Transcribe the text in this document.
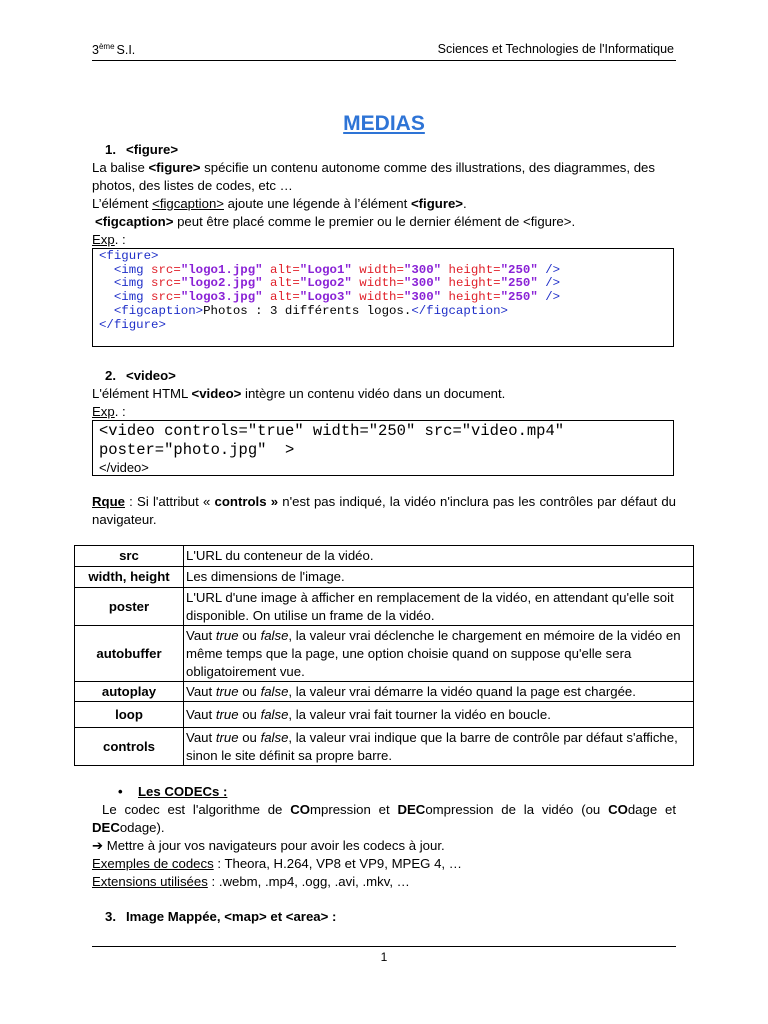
3ème S.I.	Sciences et Technologies de l'Informatique
MEDIAS
1. <figure>
La balise <figure> spécifie un contenu autonome comme des illustrations, des diagrammes, des photos, des listes de codes, etc …
L’élément <figcaption> ajoute une légende à l’élément <figure>.
<figcaption> peut être placé comme le premier ou le dernier élément de <figure>.
Exp. :
<figure>
<img src="logo1.jpg" alt="Logo1" width="300" height="250" />
<img src="logo2.jpg" alt="Logo2" width="300" height="250" />
<img src="logo3.jpg" alt="Logo3" width="300" height="250" />
<figcaption>Photos : 3 différents logos.</figcaption>
</figure>
2. <video>
L'élément HTML <video> intègre un contenu vidéo dans un document.
Exp. :
<video controls="true" width="250" src="video.mp4"
poster="photo.jpg"  >
</video>
Rque : Si l'attribut « controls » n'est pas indiqué, la vidéo n'inclura pas les contrôles par défaut du navigateur.
src	L'URL du conteneur de la vidéo.
width, height	Les dimensions de l'image.
poster	L'URL d'une image à afficher en remplacement de la vidéo, en attendant qu'elle soit disponible. On utilise un frame de la vidéo.
autobuffer	Vaut true ou false, la valeur vrai déclenche le chargement en mémoire de la vidéo en même temps que la page, une option choisie quand on suppose qu'elle sera obligatoirement vue.
autoplay	Vaut true ou false, la valeur vrai démarre la vidéo quand la page est chargée.
loop	Vaut true ou false, la valeur vrai fait tourner la vidéo en boucle.
controls	Vaut true ou false, la valeur vrai indique que la barre de contrôle par défaut s'affiche, sinon le site définit sa propre barre.
• Les CODECs :
Le codec est l'algorithme de COmpression et DECompression de la vidéo (ou COdage et DECodage).
➔ Mettre à jour vos navigateurs pour avoir les codecs à jour.
Exemples de codecs : Theora, H.264, VP8 et VP9, MPEG 4, …
Extensions utilisées : .webm, .mp4, .ogg, .avi, .mkv, …
3. Image Mappée, <map> et <area> :
1
